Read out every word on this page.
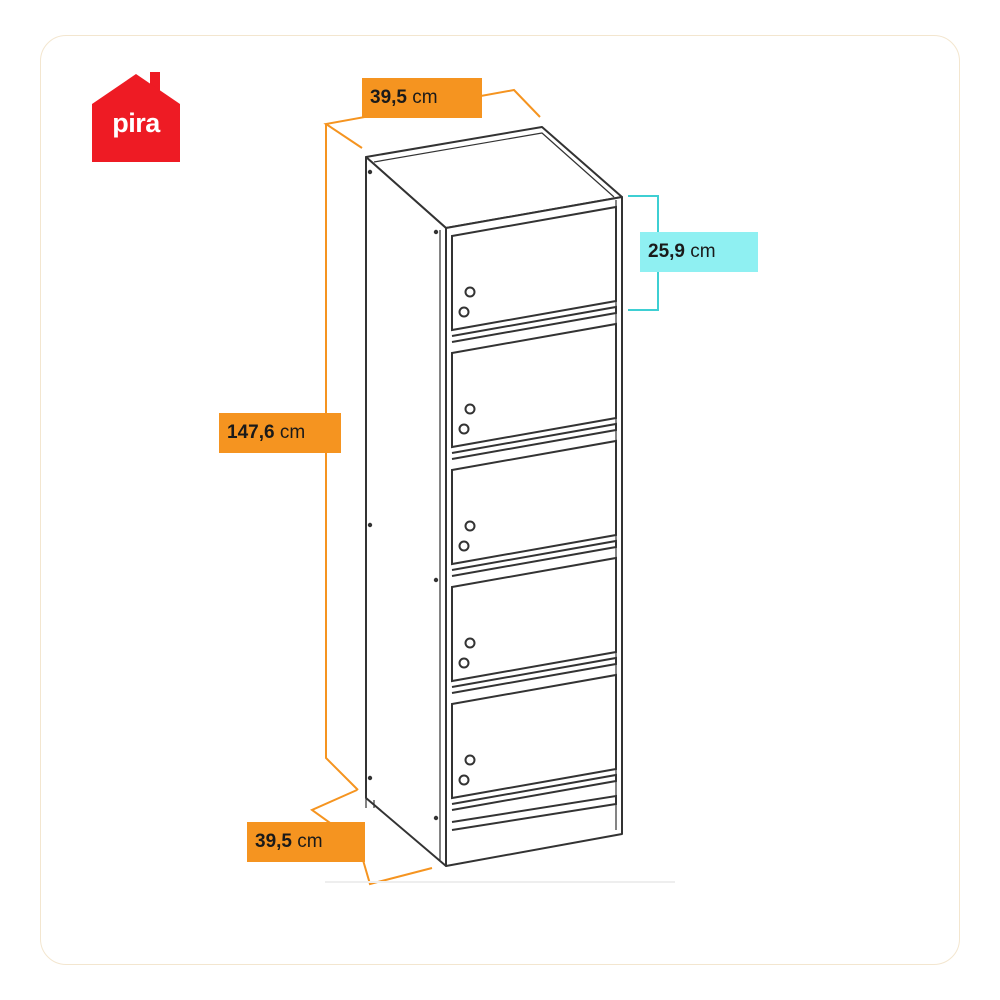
pira
39,5 cm
25,9 cm
147,6 cm
39,5 cm
